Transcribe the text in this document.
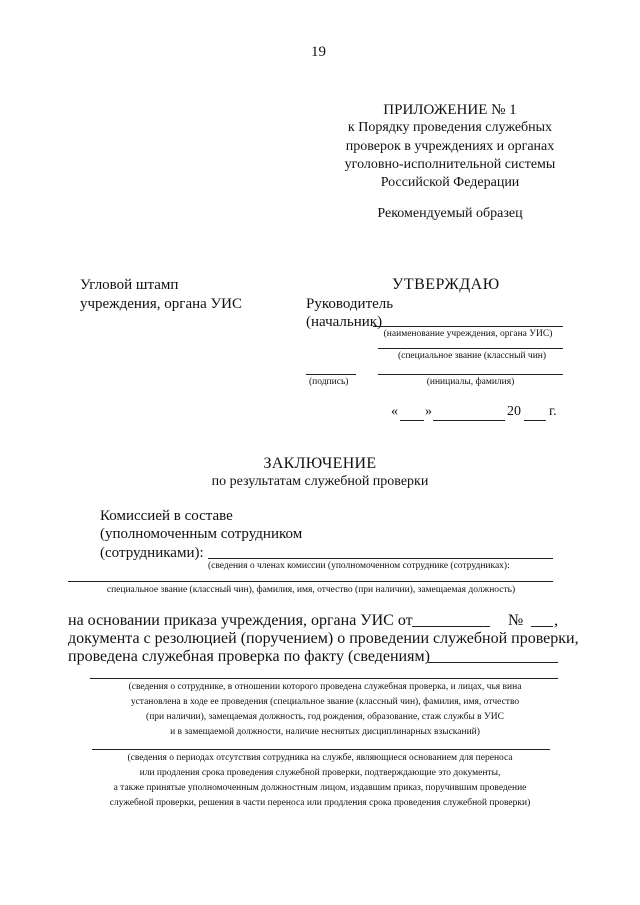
19
ПРИЛОЖЕНИЕ № 1
к Порядку проведения служебных
проверок в учреждениях и органах
уголовно-исполнительной системы
Российской Федерации
Рекомендуемый образец
Угловой штамп
учреждения, органа УИС
УТВЕРЖДАЮ
Руководитель
(начальник)
(наименование учреждения, органа УИС)
(специальное звание (классный чин)
(подпись)	(инициалы, фамилия)
« »	20 г.
ЗАКЛЮЧЕНИЕ
по результатам служебной проверки
Комиссией в составе
(уполномоченным сотрудником
(сотрудниками):
(сведения о членах комиссии (уполномоченном сотруднике (сотрудниках):
специальное звание (классный чин), фамилия, имя, отчество (при наличии), замещаемая должность)
на основании приказа учреждения, органа УИС от	№ ,
документа с резолюцией (поручением) о проведении служебной проверки,
проведена служебная проверка по факту (сведениям)
(сведения о сотруднике, в отношении которого проведена служебная проверка, и лицах, чья вина
установлена в ходе ее проведения (специальное звание (классный чин), фамилия, имя, отчество
(при наличии), замещаемая должность, год рождения, образование, стаж службы в УИС
и в замещаемой должности, наличие неснятых дисциплинарных взысканий)
(сведения о периодах отсутствия сотрудника на службе, являющиеся основанием для переноса
или продления срока проведения служебной проверки, подтверждающие это документы,
а также принятые уполномоченным должностным лицом, издавшим приказ, поручившим проведение
служебной проверки, решения в части переноса или продления срока проведения служебной проверки)
